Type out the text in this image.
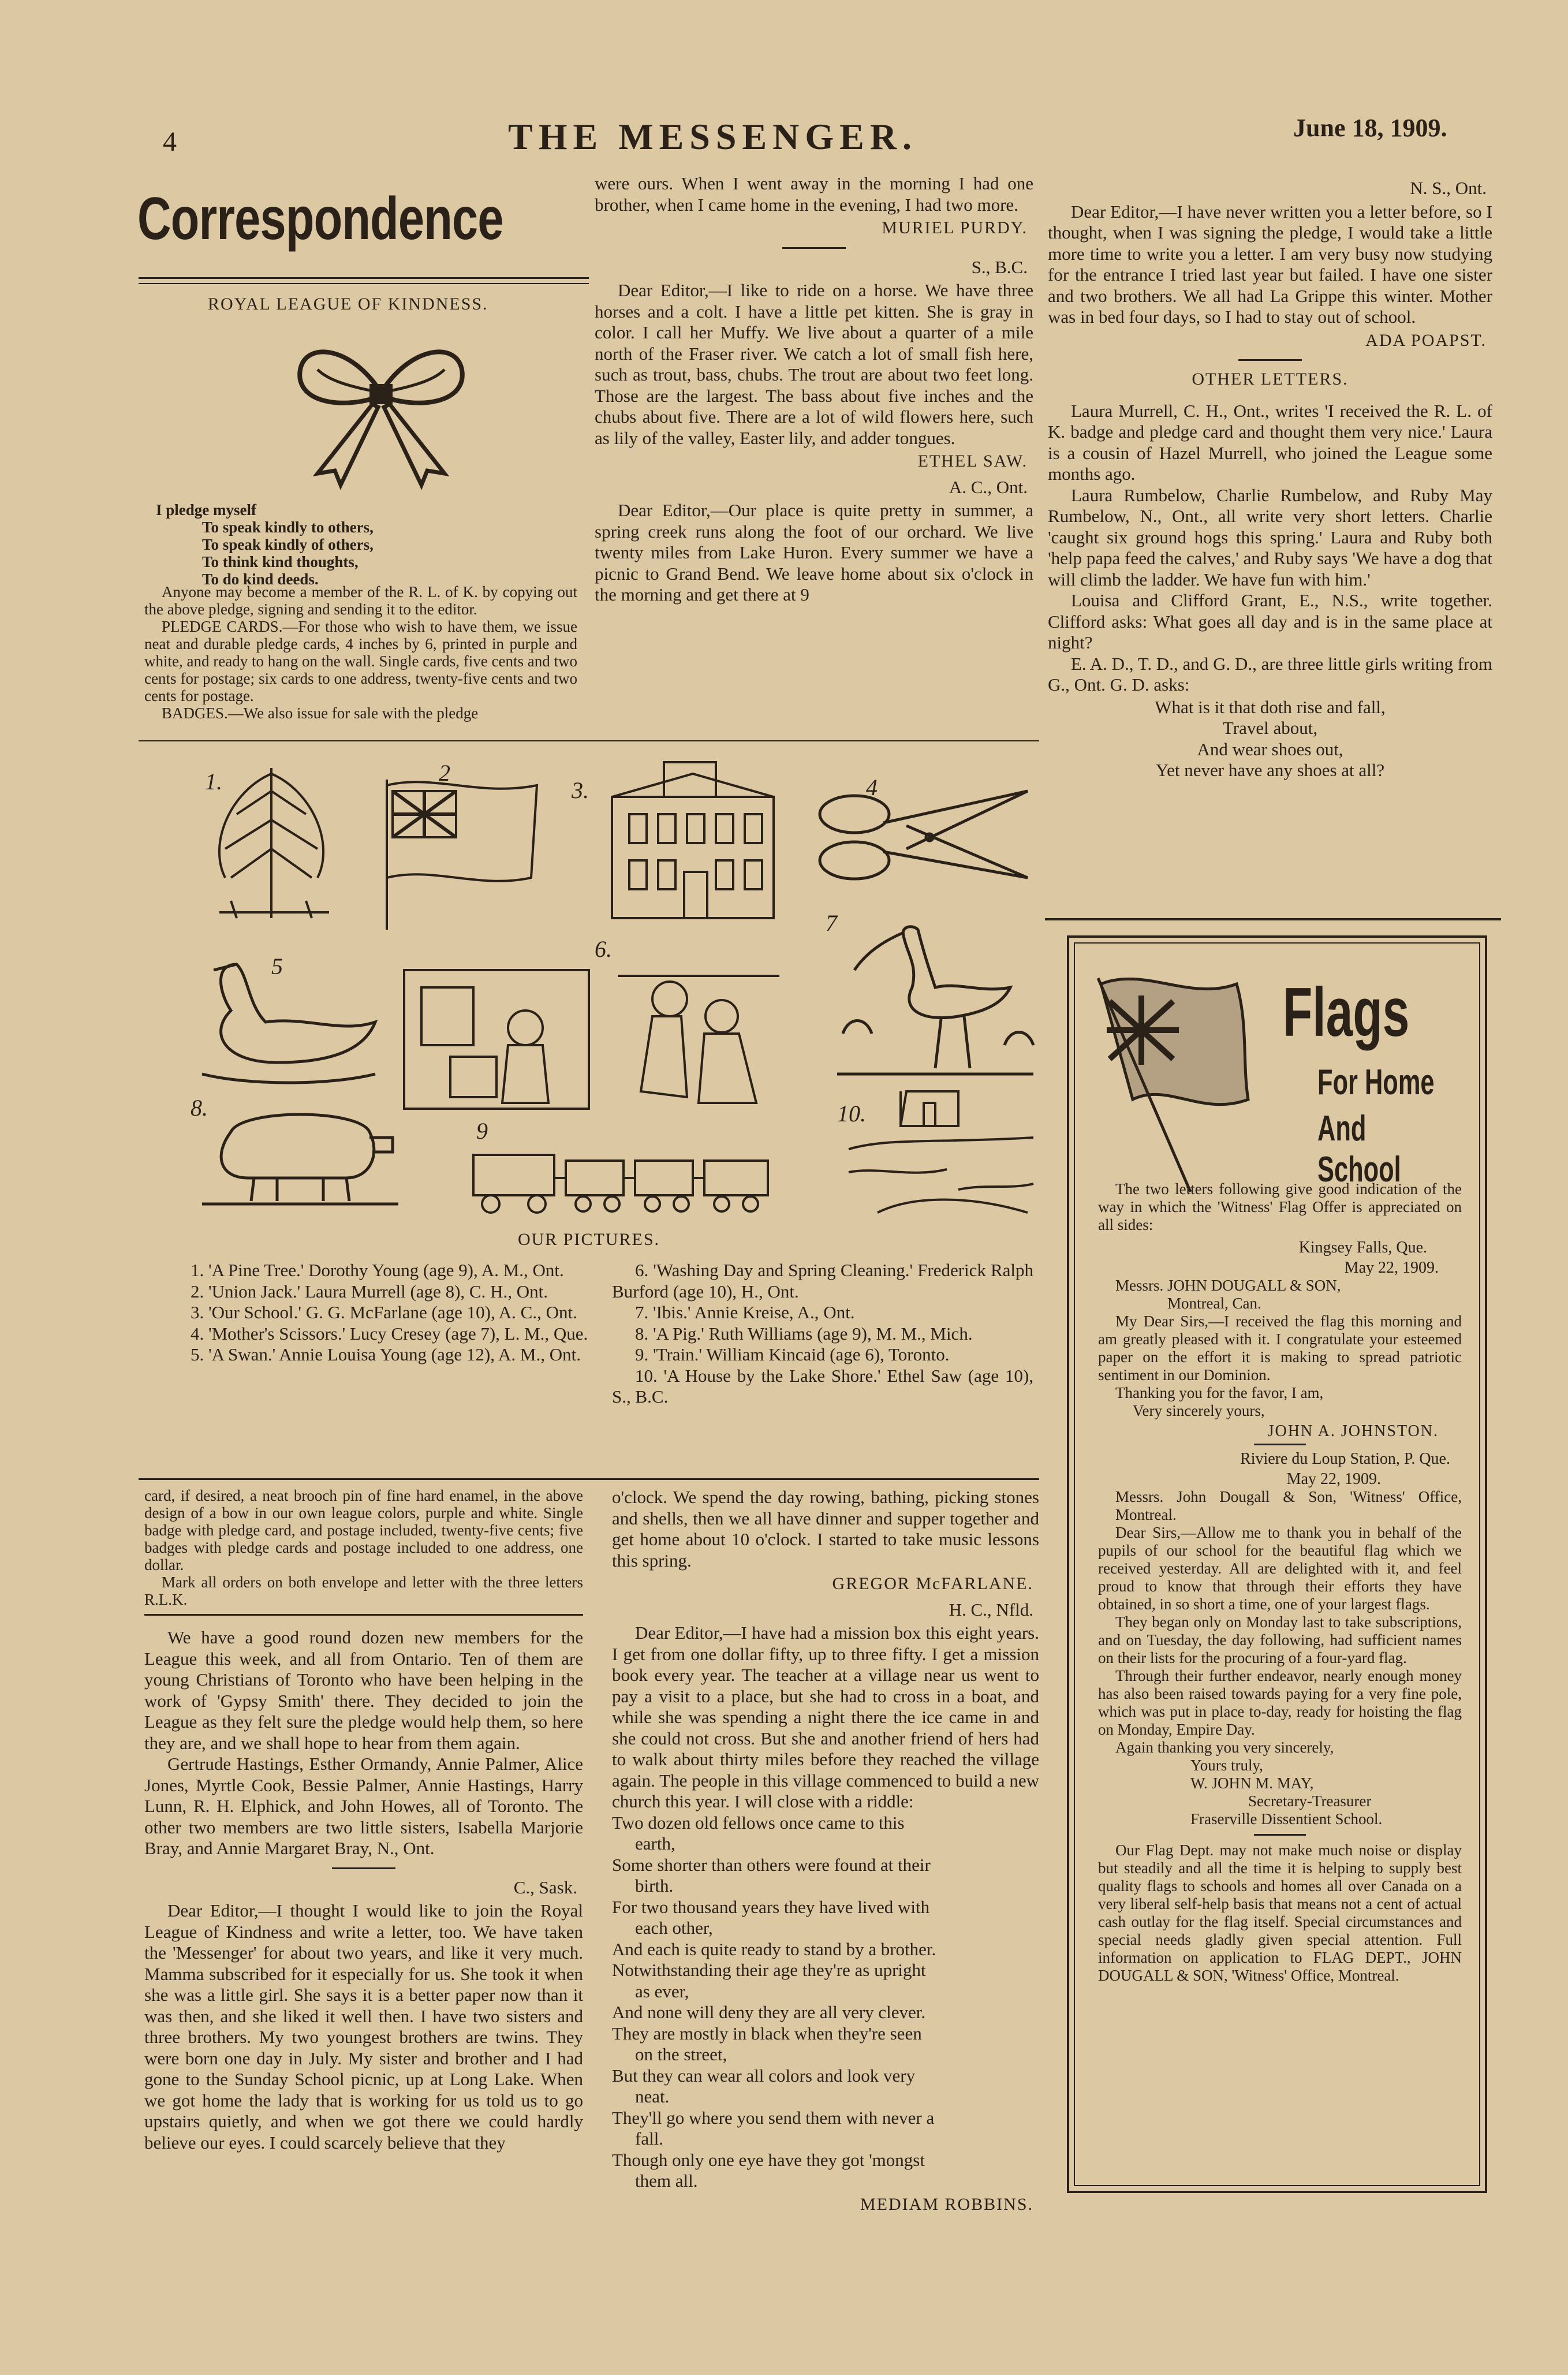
4	THE MESSENGER.	June 18, 1909.
Correspondence
ROYAL LEAGUE OF KINDNESS.
I pledge myself
To speak kindly to others,
To speak kindly of others,
To think kind thoughts,
To do kind deeds.

Anyone may become a member of the R. L. of K. by copying out the above pledge, signing and sending it to the editor.

PLEDGE CARDS.—For those who wish to have them, we issue neat and durable pledge cards, 4 inches by 6, printed in purple and white, and ready to hang on the wall. Single cards, five cents and two cents for postage; six cards to one address, twenty-five cents and two cents for postage.

BADGES.—We also issue for sale with the pledge

were ours. When I went away in the morning I had one brother, when I came home in the evening, I had two more.

MURIEL PURDY.
S., B.C.

Dear Editor,—I like to ride on a horse. We have three horses and a colt. I have a little pet kitten. She is gray in color. I call her Muffy. We live about a quarter of a mile north of the Fraser river. We catch a lot of small fish here, such as trout, bass, chubs. The trout are about two feet long. Those are the largest. The bass about five inches and the chubs about five. There are a lot of wild flowers here, such as lily of the valley, Easter lily, and adder tongues.

ETHEL SAW.
A. C., Ont.

Dear Editor,—Our place is quite pretty in summer, a spring creek runs along the foot of our orchard. We live twenty miles from Lake Huron. Every summer we have a picnic to Grand Bend. We leave home about six o'clock in the morning and get there at 9

N. S., Ont.

Dear Editor,—I have never written you a letter before, so I thought, when I was signing the pledge, I would take a little more time to write you a letter. I am very busy now studying for the entrance I tried last year but failed. I have one sister and two brothers. We all had La Grippe this winter. Mother was in bed four days, so I had to stay out of school.

ADA POAPST.
OTHER LETTERS.

Laura Murrell, C. H., Ont., writes 'I received the R. L. of K. badge and pledge card and thought them very nice.' Laura is a cousin of Hazel Murrell, who joined the League some months ago.

Laura Rumbelow, Charlie Rumbelow, and Ruby May Rumbelow, N., Ont., all write very short letters. Charlie 'caught six ground hogs this spring.' Laura and Ruby both 'help papa feed the calves,' and Ruby says 'We have a dog that will climb the ladder. We have fun with him.'

Louisa and Clifford Grant, E., N.S., write together. Clifford asks: What goes all day and is in the same place at night?

E. A. D., T. D., and G. D., are three little girls writing from G., Ont. G. D. asks:

What is it that doth rise and fall,
Travel about,
And wear shoes out,
Yet never have any shoes at all?
1.	2
3.	4
5
6.
7
8.
9
10.
OUR PICTURES.

1. 'A Pine Tree.' Dorothy Young (age 9), A. M., Ont.

2. 'Union Jack.' Laura Murrell (age 8), C. H., Ont.

3. 'Our School.' G. G. McFarlane (age 10), A. C., Ont.

4. 'Mother's Scissors.' Lucy Cresey (age 7), L. M., Que.

5. 'A Swan.' Annie Louisa Young (age 12), A. M., Ont.

6. 'Washing Day and Spring Cleaning.' Frederick Ralph Burford (age 10), H., Ont.

7. 'Ibis.' Annie Kreise, A., Ont.

8. 'A Pig.' Ruth Williams (age 9), M. M., Mich.

9. 'Train.' William Kincaid (age 6), Toronto.

10. 'A House by the Lake Shore.' Ethel Saw (age 10), S., B.C.

card, if desired, a neat brooch pin of fine hard enamel, in the above design of a bow in our own league colors, purple and white. Single badge with pledge card, and postage included, twenty-five cents; five badges with pledge cards and postage included to one address, one dollar.

Mark all orders on both envelope and letter with the three letters R.L.K.

We have a good round dozen new members for the League this week, and all from Ontario. Ten of them are young Christians of Toronto who have been helping in the work of 'Gypsy Smith' there. They decided to join the League as they felt sure the pledge would help them, so here they are, and we shall hope to hear from them again.

Gertrude Hastings, Esther Ormandy, Annie Palmer, Alice Jones, Myrtle Cook, Bessie Palmer, Annie Hastings, Harry Lunn, R. H. Elphick, and John Howes, all of Toronto. The other two members are two little sisters, Isabella Marjorie Bray, and Annie Margaret Bray, N., Ont.

C., Sask.

Dear Editor,—I thought I would like to join the Royal League of Kindness and write a letter, too. We have taken the 'Messenger' for about two years, and like it very much. Mamma subscribed for it especially for us. She took it when she was a little girl. She says it is a better paper now than it was then, and she liked it well then. I have two sisters and three brothers. My two youngest brothers are twins. They were born one day in July. My sister and brother and I had gone to the Sunday School picnic, up at Long Lake. When we got home the lady that is working for us told us to go upstairs quietly, and when we got there we could hardly believe our eyes. I could scarcely believe that they

o'clock. We spend the day rowing, bathing, picking stones and shells, then we all have dinner and supper together and get home about 10 o'clock. I started to take music lessons this spring.

GREGOR McFARLANE.
H. C., Nfld.

Dear Editor,—I have had a mission box this eight years. I get from one dollar fifty, up to three fifty. I get a mission book every year. The teacher at a village near us went to pay a visit to a place, but she had to cross in a boat, and while she was spending a night there the ice came in and she could not cross. But she and another friend of hers had to walk about thirty miles before they reached the village again. The people in this village commenced to build a new church this year. I will close with a riddle:

Two dozen old fellows once came to this
earth,
Some shorter than others were found at their
birth.
For two thousand years they have lived with
each other,
And each is quite ready to stand by a brother.
Notwithstanding their age they're as upright
as ever,
And none will deny they are all very clever.
They are mostly in black when they're seen
on the street,
But they can wear all colors and look very
neat.
They'll go where you send them with never a
fall.
Though only one eye have they got 'mongst
them all.
MEDIAM ROBBINS.
Flags
For Home
And School

The two letters following give good indication of the way in which the 'Witness' Flag Offer is appreciated on all sides:

Kingsey Falls, Que.
May 22, 1909.
Messrs. JOHN DOUGALL & SON,
Montreal, Can.

My Dear Sirs,—I received the flag this morning and am greatly pleased with it. I congratulate your esteemed paper on the effort it is making to spread patriotic sentiment in our Dominion.

Thanking you for the favor, I am,
Very sincerely yours,
JOHN A. JOHNSTON.
Riviere du Loup Station, P. Que.
May 22, 1909.
Messrs. John Dougall & Son, 'Witness' Office, Montreal.

Dear Sirs,—Allow me to thank you in behalf of the pupils of our school for the beautiful flag which we received yesterday. All are delighted with it, and feel proud to know that through their efforts they have obtained, in so short a time, one of your largest flags.

They began only on Monday last to take subscriptions, and on Tuesday, the day following, had sufficient names on their lists for the procuring of a four-yard flag.

Through their further endeavor, nearly enough money has also been raised towards paying for a very fine pole, which was put in place to-day, ready for hoisting the flag on Monday, Empire Day.

Again thanking you very sincerely,

Yours truly,
W. JOHN M. MAY,
Secretary-Treasurer
Fraserville Dissentient School.

Our Flag Dept. may not make much noise or display but steadily and all the time it is helping to supply best quality flags to schools and homes all over Canada on a very liberal self-help basis that means not a cent of actual cash outlay for the flag itself. Special circumstances and special needs gladly given special attention. Full information on application to FLAG DEPT., JOHN DOUGALL & SON, 'Witness' Office, Montreal.
